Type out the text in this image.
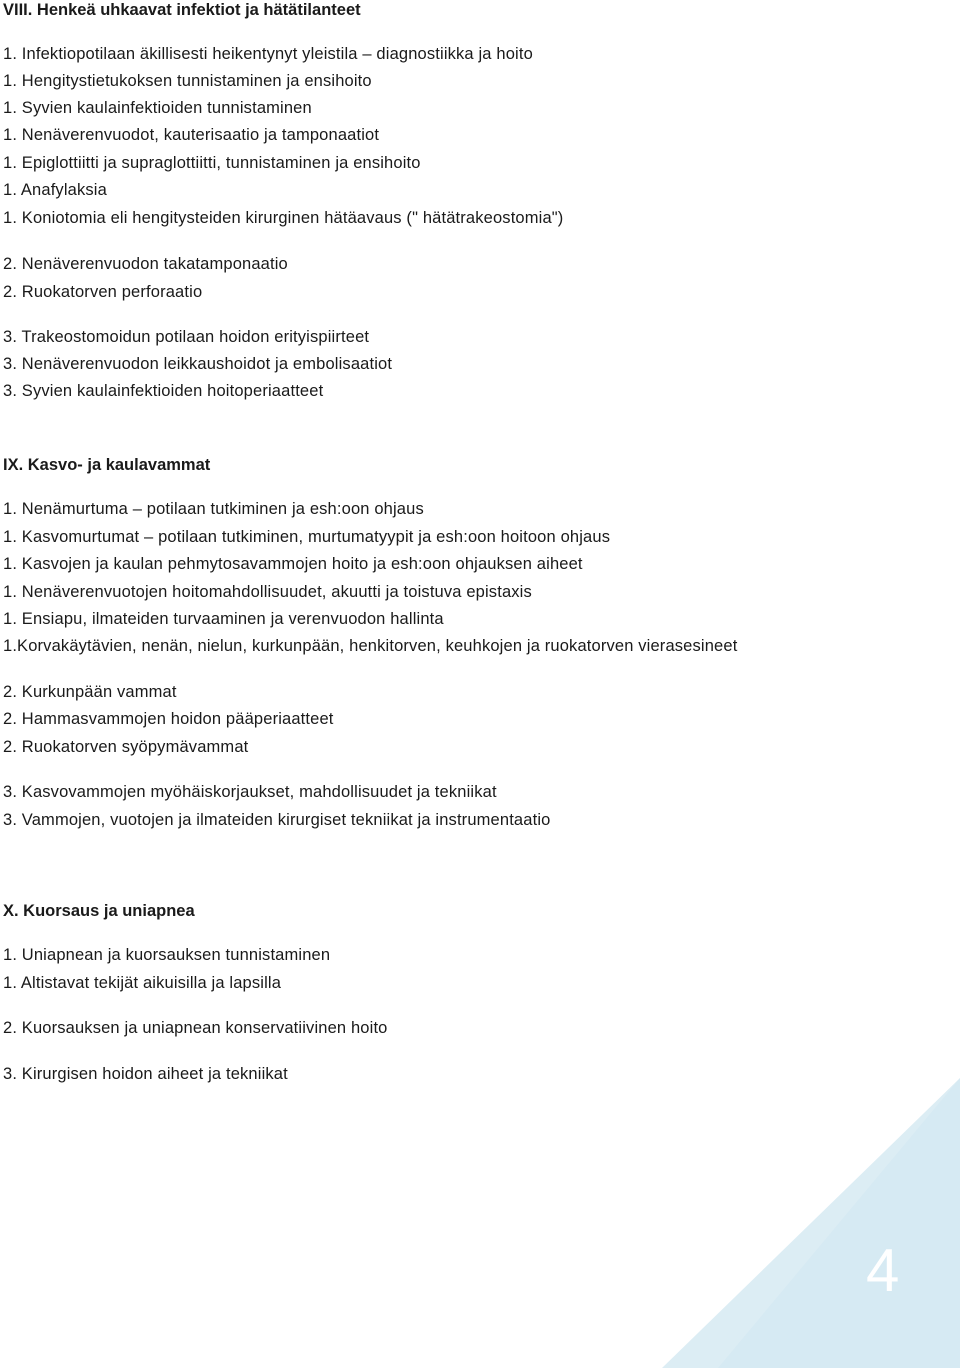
VIII. Henkeä uhkaavat infektiot ja hätätilanteet
1. Infektiopotilaan äkillisesti heikentynyt yleistila – diagnostiikka ja hoito
1. Hengitystietukoksen tunnistaminen ja ensihoito
1. Syvien kaulainfektioiden tunnistaminen
1. Nenäverenvuodot, kauterisaatio ja tamponaatiot
1. Epiglottiitti ja supraglottiitti, tunnistaminen ja ensihoito
1. Anafylaksia
1. Koniotomia eli hengitysteiden kirurginen hätäavaus (" hätätrakeostomia")
2. Nenäverenvuodon takatamponaatio
2. Ruokatorven perforaatio
3. Trakeostomoidun potilaan hoidon erityispiirteet
3. Nenäverenvuodon leikkaushoidot ja embolisaatiot
3. Syvien kaulainfektioiden hoitoperiaatteet
IX. Kasvo- ja kaulavammat
1. Nenämurtuma – potilaan tutkiminen ja esh:oon ohjaus
1. Kasvomurtumat – potilaan tutkiminen, murtumatyypit ja esh:oon hoitoon ohjaus
1. Kasvojen ja kaulan pehmytosavammojen hoito ja esh:oon ohjauksen aiheet
1. Nenäverenvuotojen hoitomahdollisuudet, akuutti ja toistuva epistaxis
1. Ensiapu, ilmateiden turvaaminen ja verenvuodon hallinta
1.Korvakäytävien, nenän, nielun, kurkunpään, henkitorven, keuhkojen ja ruokatorven vierasesineet
2. Kurkunpään vammat
2. Hammasvammojen hoidon pääperiaatteet
2. Ruokatorven syöpymävammat
3. Kasvovammojen myöhäiskorjaukset, mahdollisuudet ja tekniikat
3. Vammojen, vuotojen ja ilmateiden kirurgiset tekniikat ja instrumentaatio
X. Kuorsaus ja uniapnea
1. Uniapnean ja kuorsauksen tunnistaminen
1. Altistavat tekijät aikuisilla ja lapsilla
2. Kuorsauksen ja uniapnean konservatiivinen hoito
3. Kirurgisen hoidon aiheet ja tekniikat
4
